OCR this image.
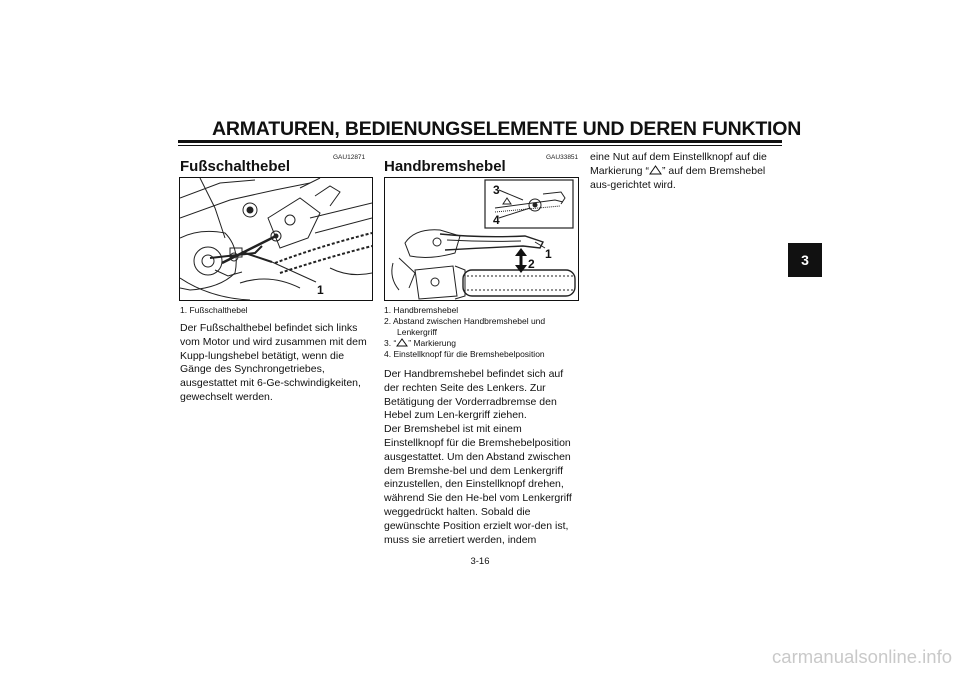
ARMATUREN, BEDIENUNGSELEMENTE UND DEREN FUNKTION
3
GAU12871
Fußschalthebel
1

1. Fußschalthebel

Der Fußschalthebel befindet sich links vom Motor und wird zusammen mit dem Kupp-lungshebel betätigt, wenn die Gänge des Synchrongetriebes, ausgestattet mit 6-Ge-schwindigkeiten, gewechselt werden.

GAU33851
Handbremshebel
3
4
1
2

1. Handbremshebel

2. Abstand zwischen Handbremshebel und Lenkergriff

3. “ ” Markierung

4. Einstellknopf für die Bremshebelposition

Der Handbremshebel befindet sich auf der rechten Seite des Lenkers. Zur Betätigung der Vorderradbremse den Hebel zum Len-kergriff ziehen.

Der Bremshebel ist mit einem Einstellknopf für die Bremshebelposition ausgestattet. Um den Abstand zwischen dem Bremshe-bel und dem Lenkergriff einzustellen, den Einstellknopf drehen, während Sie den He-bel vom Lenkergriff weggedrückt halten. Sobald die gewünschte Position erzielt wor-den ist, muss sie arretiert werden, indem

eine Nut auf dem Einstellknopf auf die Markierung “ ” auf dem Bremshebel aus-gerichtet wird.

3-16
carmanualsonline.info
